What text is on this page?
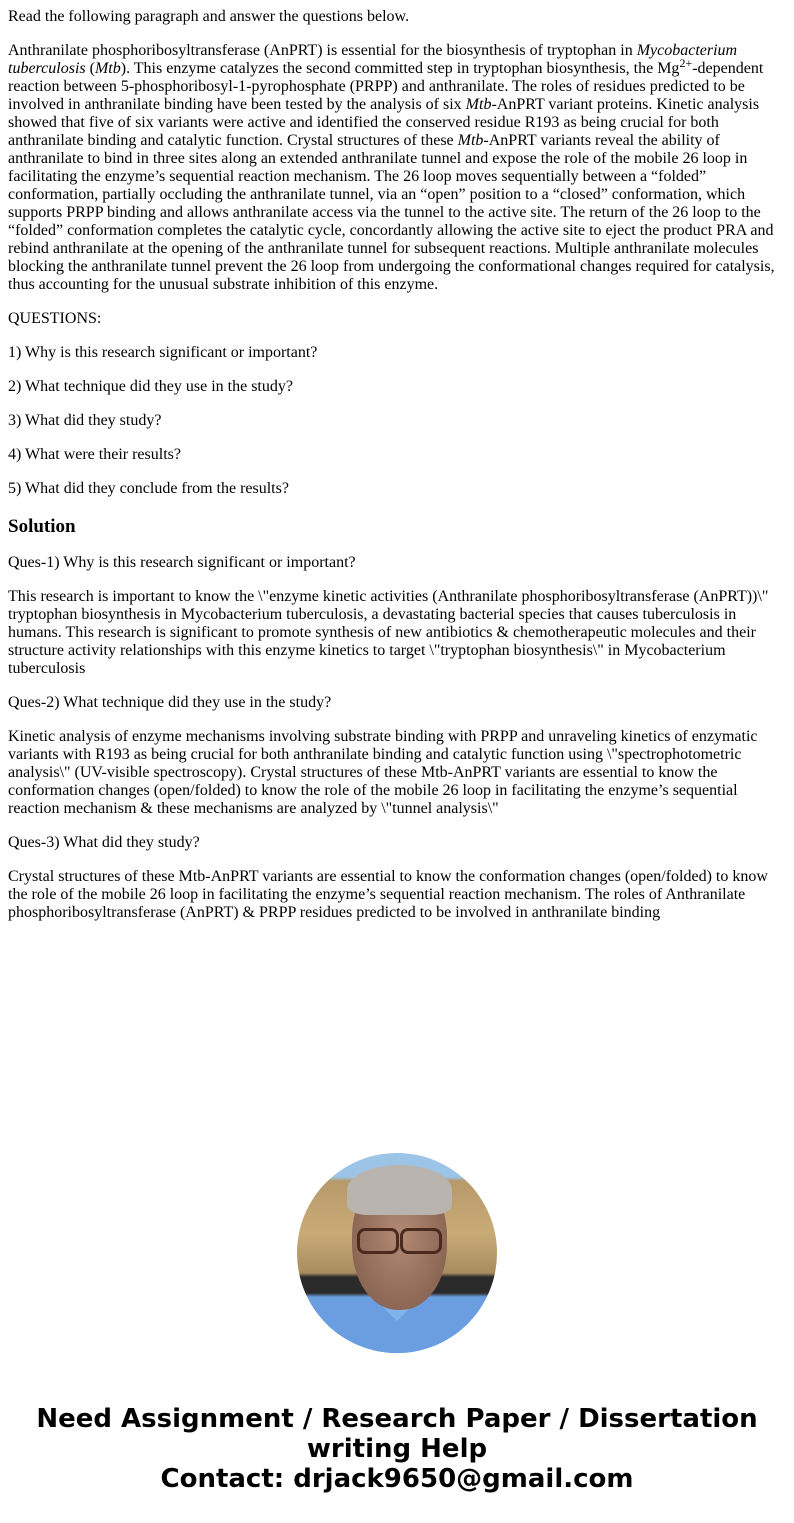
Read the following paragraph and answer the questions below.

Anthranilate phosphoribosyltransferase (AnPRT) is essential for the biosynthesis of tryptophan in Mycobacterium tuberculosis (Mtb). This enzyme catalyzes the second committed step in tryptophan biosynthesis, the $Mg^{2+}$-dependent reaction between 5-phosphoribosyl-1-pyrophosphate (PRPP) and anthranilate. The roles of residues predicted to be involved in anthranilate binding have been tested by the analysis of six Mtb-AnPRT variant proteins. Kinetic analysis showed that five of six variants were active and identified the conserved residue R193 as being crucial for both anthranilate binding and catalytic function. Crystal structures of these Mtb-AnPRT variants reveal the ability of anthranilate to bind in three sites along an extended anthranilate tunnel and expose the role of the mobile 26 loop in facilitating the enzyme’s sequential reaction mechanism. The 26 loop moves sequentially between a “folded” conformation, partially occluding the anthranilate tunnel, via an “open” position to a “closed” conformation, which supports PRPP binding and allows anthranilate access via the tunnel to the active site. The return of the 26 loop to the “folded” conformation completes the catalytic cycle, concordantly allowing the active site to eject the product PRA and rebind anthranilate at the opening of the anthranilate tunnel for subsequent reactions. Multiple anthranilate molecules blocking the anthranilate tunnel prevent the 26 loop from undergoing the conformational changes required for catalysis, thus accounting for the unusual substrate inhibition of this enzyme.

QUESTIONS:

1) Why is this research significant or important?

2) What technique did they use in the study?

3) What did they study?

4) What were their results?

5) What did they conclude from the results?

Solution

Ques-1) Why is this research significant or important?

This research is important to know the \"enzyme kinetic activities (Anthranilate phosphoribosyltransferase (AnPRT))\" tryptophan biosynthesis in Mycobacterium tuberculosis, a devastating bacterial species that causes tuberculosis in humans. This research is significant to promote synthesis of new antibiotics & chemotherapeutic molecules and their structure activity relationships with this enzyme kinetics to target \"tryptophan biosynthesis\" in Mycobacterium tuberculosis

Ques-2) What technique did they use in the study?

Kinetic analysis of enzyme mechanisms involving substrate binding with PRPP and unraveling kinetics of enzymatic variants with R193 as being crucial for both anthranilate binding and catalytic function using \"spectrophotometric analysis\" (UV-visible spectroscopy). Crystal structures of these Mtb-AnPRT variants are essential to know the conformation changes (open/folded) to know the role of the mobile 26 loop in facilitating the enzyme’s sequential reaction mechanism & these mechanisms are analyzed by \"tunnel analysis\"

Ques-3) What did they study?

Crystal structures of these Mtb-AnPRT variants are essential to know the conformation changes (open/folded) to know the role of the mobile 26 loop in facilitating the enzyme’s sequential reaction mechanism. The roles of Anthranilate phosphoribosyltransferase (AnPRT) & PRPP residues predicted to be involved in anthranilate binding

Need Assignment / Research Paper / Dissertation writing Help
Contact: drjack9650@gmail.com
